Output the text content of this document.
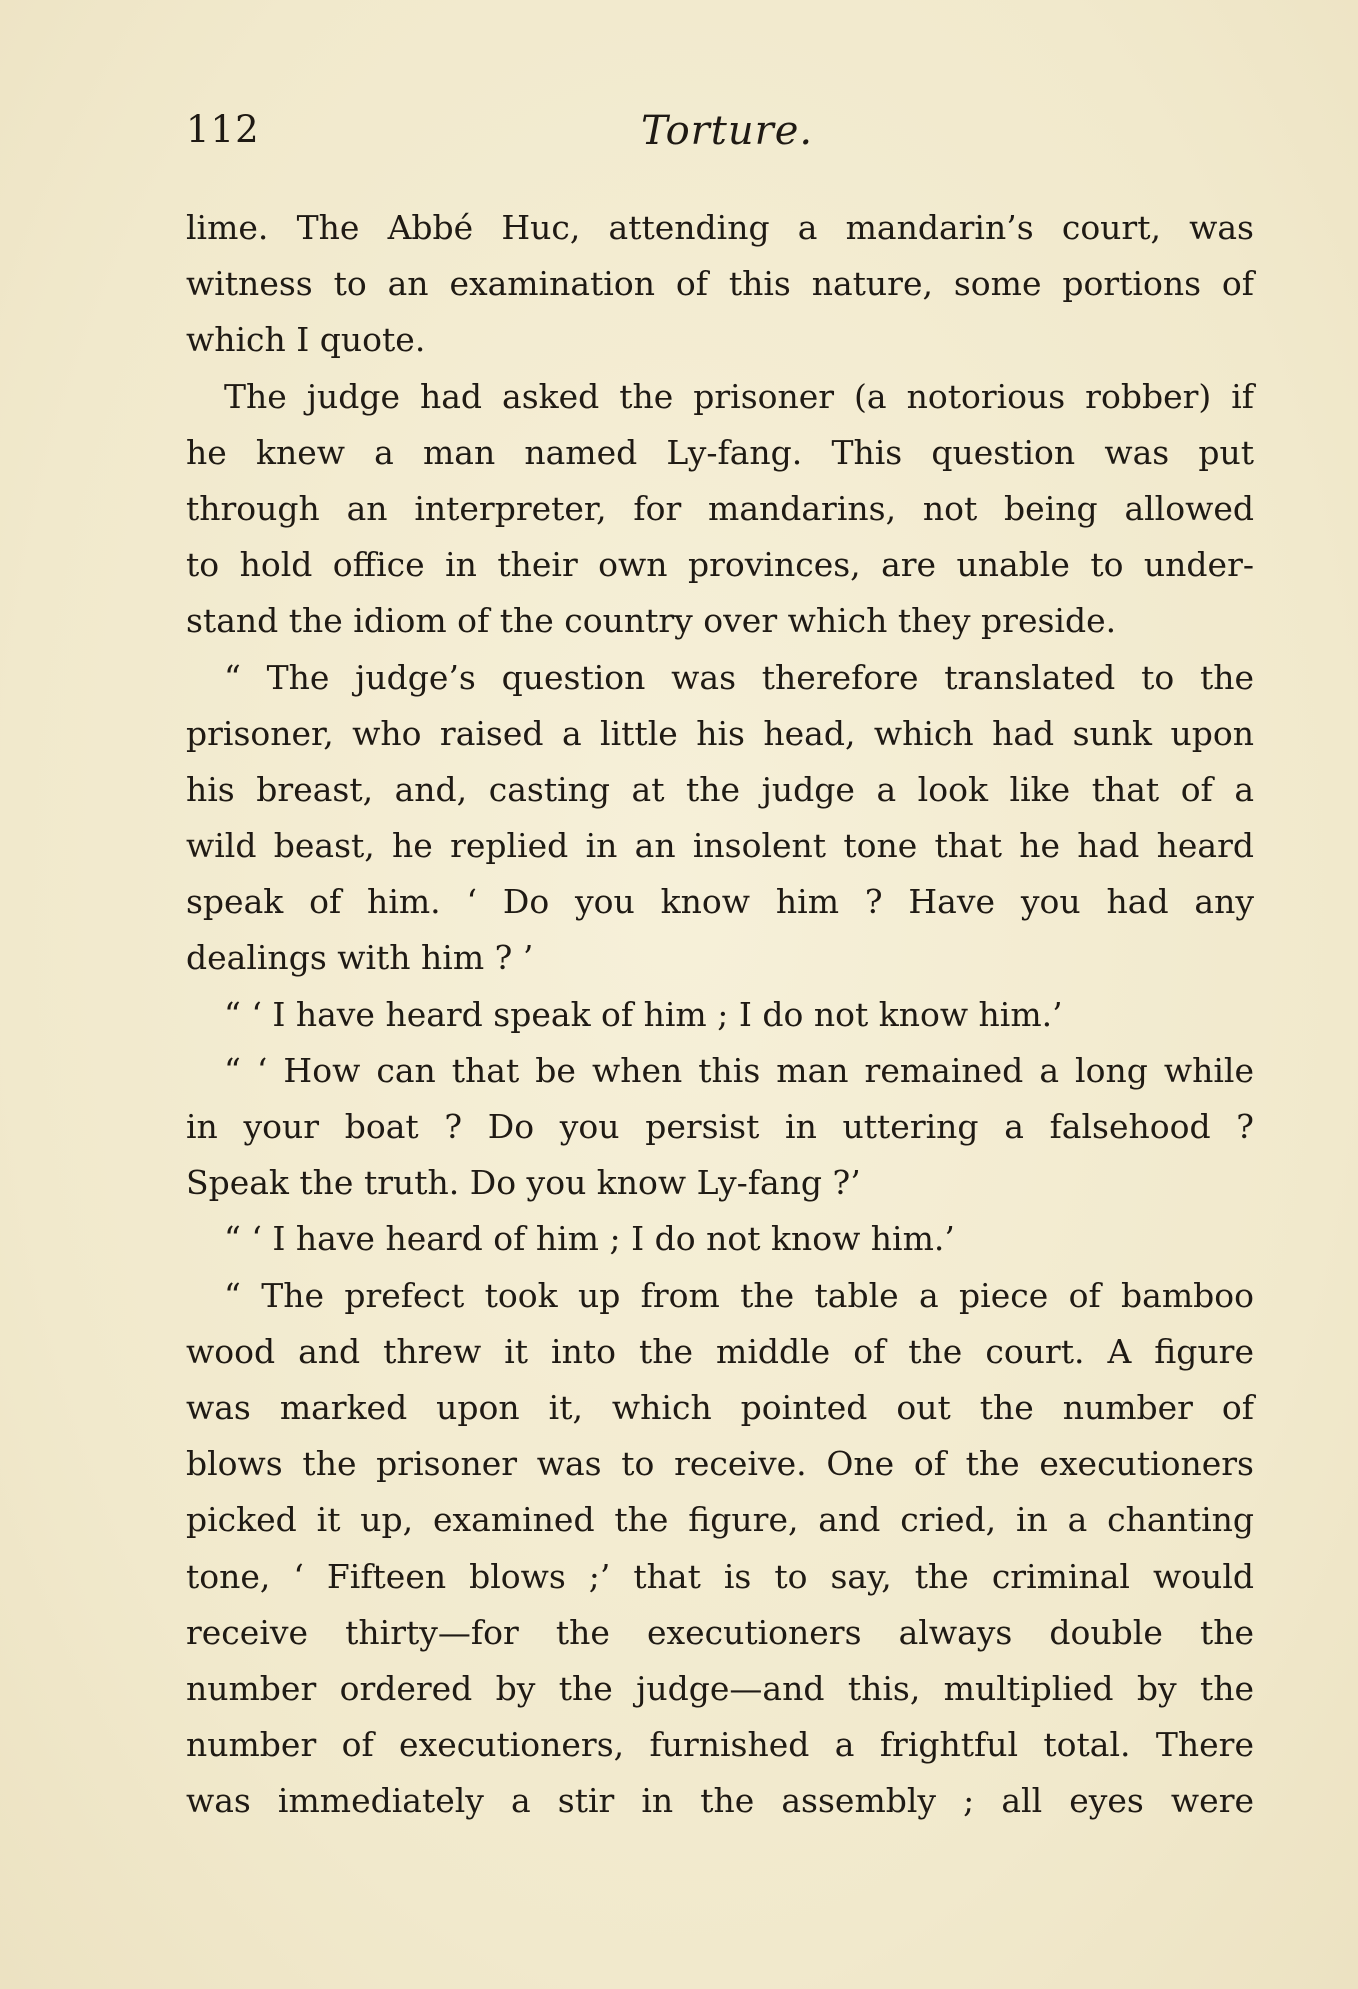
112	Torture.
lime. The Abbé Huc, attending a mandarin’s court, was
witness to an examination of this nature, some portions of
which I quote.
The judge had asked the prisoner (a notorious robber) if
he knew a man named Ly-fang. This question was put
through an interpreter, for mandarins, not being allowed
to hold office in their own provinces, are unable to under-
stand the idiom of the country over which they preside.
“ The judge’s question was therefore translated to the
prisoner, who raised a little his head, which had sunk upon
his breast, and, casting at the judge a look like that of a
wild beast, he replied in an insolent tone that he had heard
speak of him. ‘ Do you know him ? Have you had any
dealings with him ? ’
“ ‘ I have heard speak of him ; I do not know him.’
“ ‘ How can that be when this man remained a long while
in your boat ? Do you persist in uttering a falsehood ?
Speak the truth. Do you know Ly-fang ?’
“ ‘ I have heard of him ; I do not know him.’
“ The prefect took up from the table a piece of bamboo
wood and threw it into the middle of the court. A figure
was marked upon it, which pointed out the number of
blows the prisoner was to receive. One of the executioners
picked it up, examined the figure, and cried, in a chanting
tone, ‘ Fifteen blows ;’ that is to say, the criminal would
receive thirty—for the executioners always double the
number ordered by the judge—and this, multiplied by the
number of executioners, furnished a frightful total. There
was immediately a stir in the assembly ; all eyes were
